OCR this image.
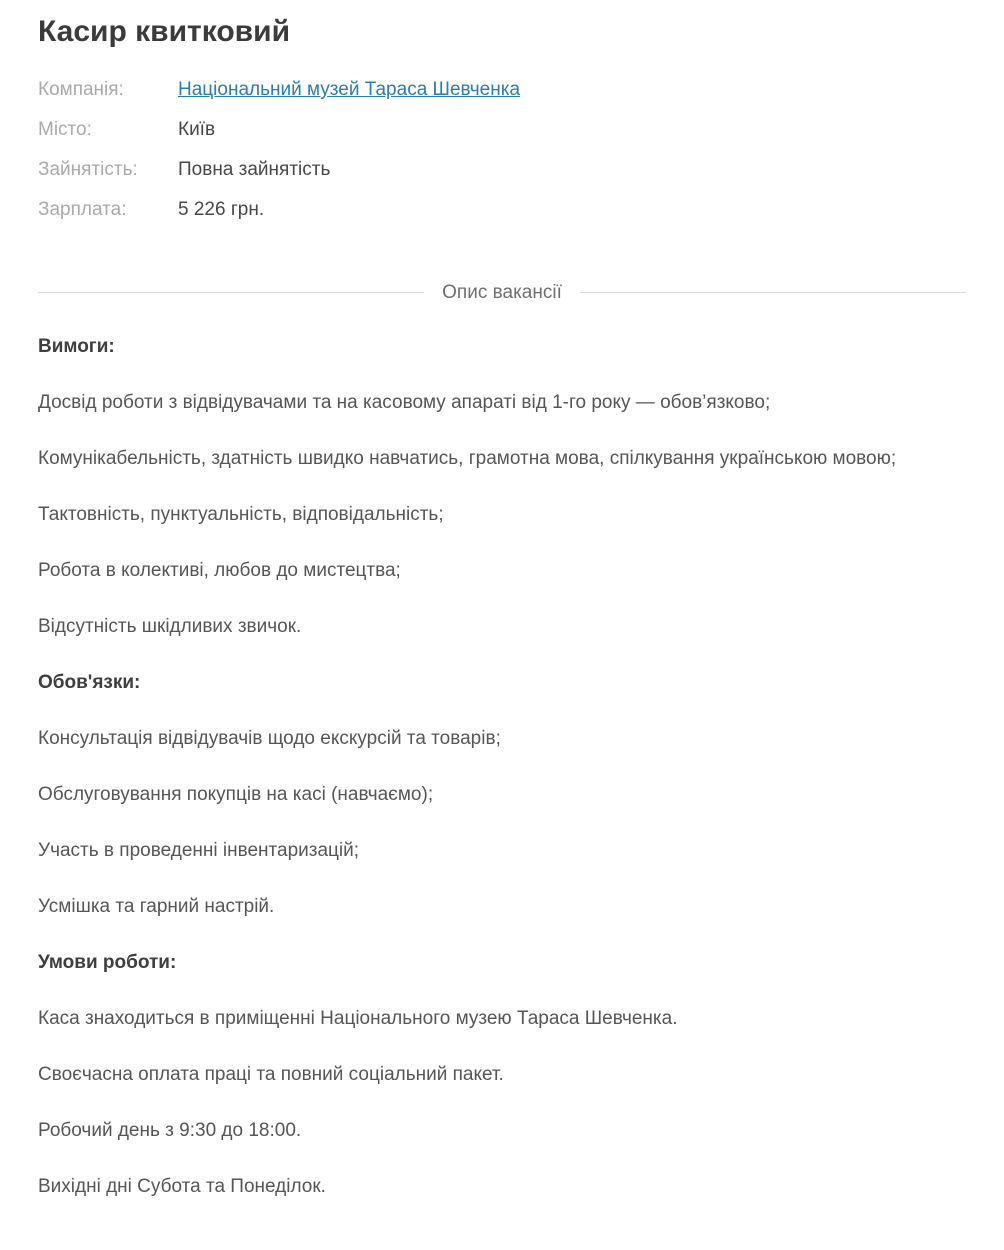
Касир квитковий
Компанія:	Національний музей Тараса Шевченка
Місто:	Київ
Зайнятість:	Повна зайнятість
Зарплата:	5 226 грн.
Опис вакансії
Вимоги:

Досвід роботи з відвідувачами та на касовому апараті від 1-го року — обов’язково;

Комунікабельність, здатність швидко навчатись, грамотна мова, спілкування українською мовою;

Тактовність, пунктуальність, відповідальність;

Робота в колективі, любов до мистецтва;

Відсутність шкідливих звичок.

Обов'язки:

Консультація відвідувачів щодо екскурсій та товарів;

Обслуговування покупців на касі (навчаємо);

Участь в проведенні інвентаризацій;

Усмішка та гарний настрій.

Умови роботи:

Каса знаходиться в приміщенні Національного музею Тараса Шевченка.

Своєчасна оплата праці та повний соціальний пакет.

Робочий день з 9:30 до 18:00.

Вихідні дні Субота та Понеділок.
